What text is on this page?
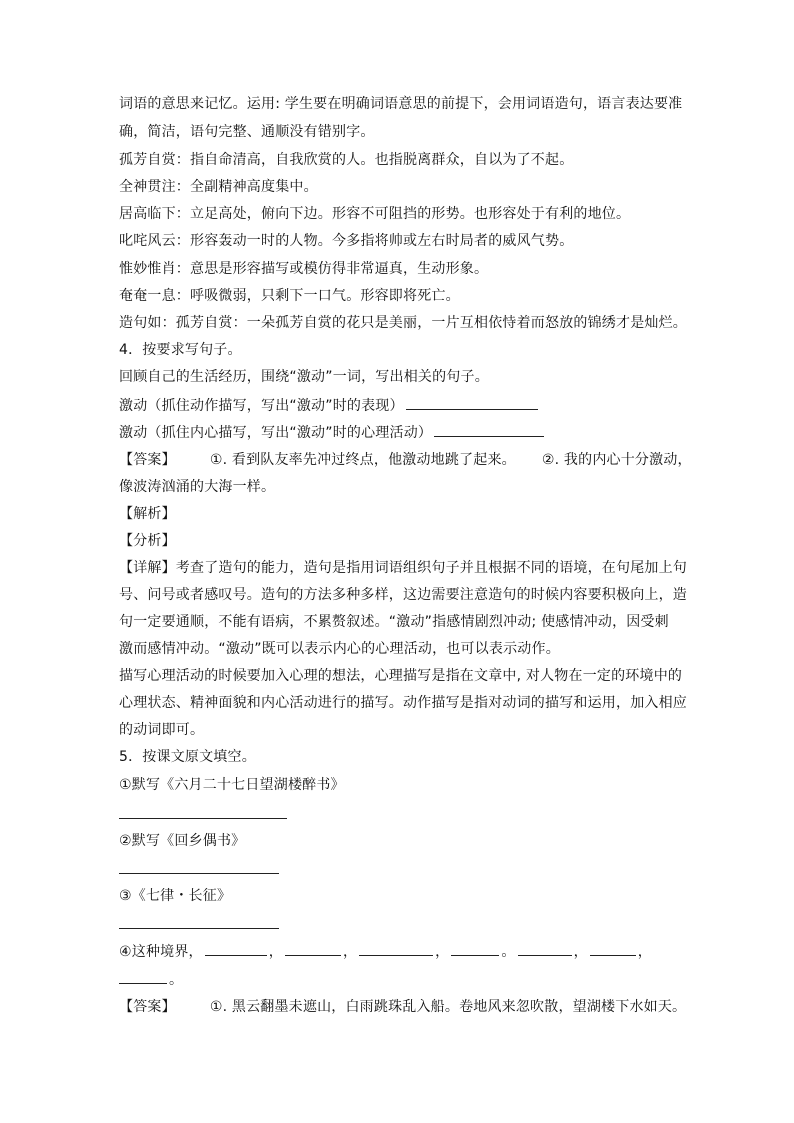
词语的意思来记忆。运用: 学生要在明确词语意思的前提下，会用词语造句，语言表达要准
确，简洁，语句完整、通顺没有错别字。
孤芳自赏：指自命清高，自我欣赏的人。也指脱离群众，自以为了不起。
全神贯注：全副精神高度集中。
居高临下：立足高处，俯向下边。形容不可阻挡的形势。也形容处于有利的地位。
叱咤风云：形容轰动一时的人物。今多指将帅或左右时局者的威风气势。
惟妙惟肖：意思是形容描写或模仿得非常逼真，生动形象。
奄奄一息：呼吸微弱，只剩下一口气。形容即将死亡。
造句如：孤芳自赏：一朵孤芳自赏的花只是美丽，一片互相依恃着而怒放的锦绣才是灿烂。
4．按要求写句子。
回顾自己的生活经历，围绕“激动”一词，写出相关的句子。
激动（抓住动作描写，写出“激动”时的表现）
激动（抓住内心描写，写出“激动”时的心理活动）
【答案】 ①. 看到队友率先冲过终点，他激动地跳了起来。 ②. 我的内心十分激动，
像波涛汹涌的大海一样。
【解析】
【分析】
【详解】考查了造句的能力，造句是指用词语组织句子并且根据不同的语境，在句尾加上句
号、问号或者感叹号。造句的方法多种多样，这边需要注意造句的时候内容要积极向上，造
句一定要通顺，不能有语病，不累赘叙述。“激动”指感情剧烈冲动; 使感情冲动，因受刺
激而感情冲动。“激动”既可以表示内心的心理活动，也可以表示动作。
描写心理活动的时候要加入心理的想法，心理描写是指在文章中, 对人物在一定的环境中的
心理状态、精神面貌和内心活动进行的描写。动作描写是指对动词的描写和运用，加入相应
的动词即可。
5．按课文原文填空。
①默写《六月二十七日望湖楼醉书》
②默写《回乡偶书》
③《七律・长征》
④这种境界，	，	，	，	。	，	，
。
【答案】 ①. 黑云翻墨未遮山，白雨跳珠乱入船。卷地风来忽吹散，望湖楼下水如天。
